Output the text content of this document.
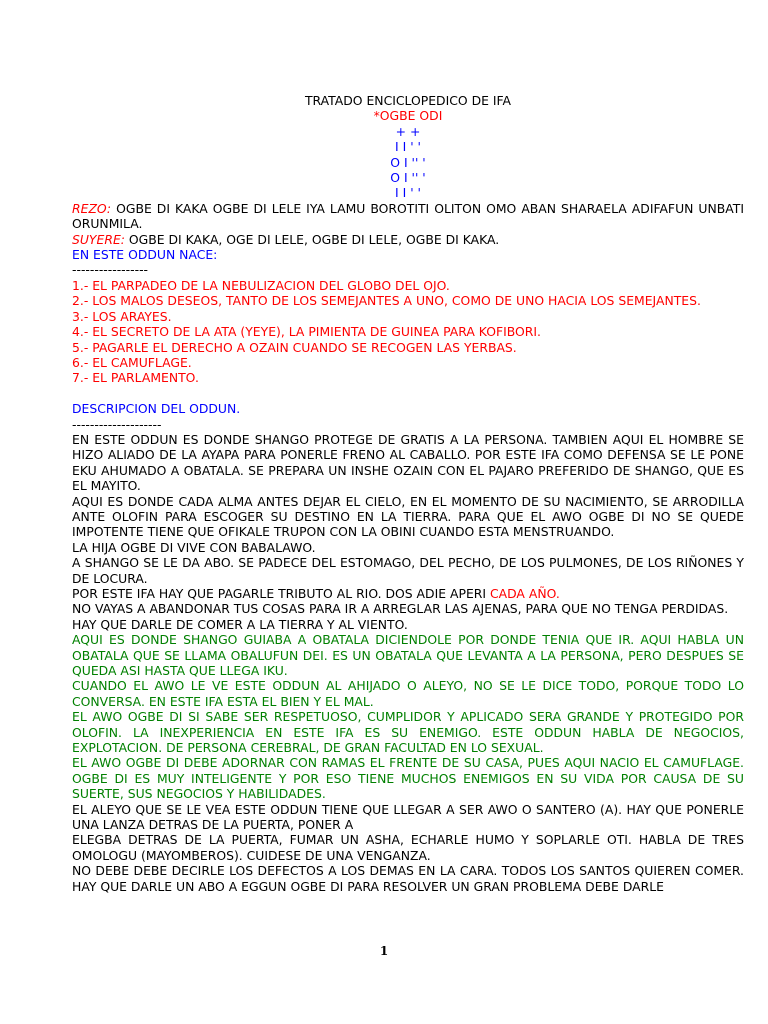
TRATADO ENCICLOPEDICO DE IFA
*OGBE ODI
+ +
I I ' '
O I '' '
O I '' '
I I ' '
REZO: OGBE DI KAKA OGBE DI LELE IYA LAMU BOROTITI OLITON OMO ABAN SHARAELA ADIFAFUN UNBATI ORUNMILA.
SUYERE: OGBE DI KAKA, OGE DI LELE, OGBE DI LELE, OGBE DI KAKA.
EN ESTE ODDUN NACE:
-----------------
1.- EL PARPADEO DE LA NEBULIZACION DEL GLOBO DEL OJO.
2.- LOS MALOS DESEOS, TANTO DE LOS SEMEJANTES A UNO, COMO DE UNO HACIA LOS SEMEJANTES.
3.- LOS ARAYES.
4.- EL SECRETO DE LA ATA (YEYE), LA PIMIENTA DE GUINEA PARA KOFIBORI.
5.- PAGARLE EL DERECHO A OZAIN CUANDO SE RECOGEN LAS YERBAS.
6.- EL CAMUFLAGE.
7.- EL PARLAMENTO.
DESCRIPCION DEL ODDUN.
--------------------
EN ESTE ODDUN ES DONDE SHANGO PROTEGE DE GRATIS A LA PERSONA. TAMBIEN AQUI EL HOMBRE SE HIZO ALIADO DE LA AYAPA PARA PONERLE FRENO AL CABALLO. POR ESTE IFA COMO DEFENSA SE LE PONE EKU AHUMADO A OBATALA. SE PREPARA UN INSHE OZAIN CON EL PAJARO PREFERIDO DE SHANGO, QUE ES EL MAYITO.
AQUI ES DONDE CADA ALMA ANTES DEJAR EL CIELO, EN EL MOMENTO DE SU NACIMIENTO, SE ARRODILLA ANTE OLOFIN PARA ESCOGER SU DESTINO EN LA TIERRA. PARA QUE EL AWO OGBE DI NO SE QUEDE IMPOTENTE TIENE QUE OFIKALE TRUPON CON LA OBINI CUANDO ESTA MENSTRUANDO.
LA HIJA OGBE DI VIVE CON BABALAWO.
A SHANGO SE LE DA ABO. SE PADECE DEL ESTOMAGO, DEL PECHO, DE LOS PULMONES, DE LOS RIÑONES Y DE LOCURA.
POR ESTE IFA HAY QUE PAGARLE TRIBUTO AL RIO. DOS ADIE APERI CADA AÑO.
NO VAYAS A ABANDONAR TUS COSAS PARA IR A ARREGLAR LAS AJENAS, PARA QUE NO TENGA PERDIDAS.
HAY QUE DARLE DE COMER A LA TIERRA Y AL VIENTO.
AQUI ES DONDE SHANGO GUIABA A OBATALA DICIENDOLE POR DONDE TENIA QUE IR. AQUI HABLA UN OBATALA QUE SE LLAMA OBALUFUN DEI. ES UN OBATALA QUE LEVANTA A LA PERSONA, PERO DESPUES SE QUEDA ASI HASTA QUE LLEGA IKU.
CUANDO EL AWO LE VE ESTE ODDUN AL AHIJADO O ALEYO, NO SE LE DICE TODO, PORQUE TODO LO CONVERSA. EN ESTE IFA ESTA EL BIEN Y EL MAL.
EL AWO OGBE DI SI SABE SER RESPETUOSO, CUMPLIDOR Y APLICADO SERA GRANDE Y PROTEGIDO POR OLOFIN. LA INEXPERIENCIA EN ESTE IFA ES SU ENEMIGO. ESTE ODDUN HABLA DE NEGOCIOS, EXPLOTACION. DE PERSONA CEREBRAL, DE GRAN FACULTAD EN LO SEXUAL.
EL AWO OGBE DI DEBE ADORNAR CON RAMAS EL FRENTE DE SU CASA, PUES AQUI NACIO EL CAMUFLAGE. OGBE DI ES MUY INTELIGENTE Y POR ESO TIENE MUCHOS ENEMIGOS EN SU VIDA POR CAUSA DE SU SUERTE, SUS NEGOCIOS Y HABILIDADES.
EL ALEYO QUE SE LE VEA ESTE ODDUN TIENE QUE LLEGAR A SER AWO O SANTERO (A). HAY QUE PONERLE UNA LANZA DETRAS DE LA PUERTA, PONER A
ELEGBA DETRAS DE LA PUERTA, FUMAR UN ASHA, ECHARLE HUMO Y SOPLARLE OTI. HABLA DE TRES OMOLOGU (MAYOMBEROS). CUIDESE DE UNA VENGANZA.
NO DEBE DEBE DECIRLE LOS DEFECTOS A LOS DEMAS EN LA CARA. TODOS LOS SANTOS QUIEREN COMER. HAY QUE DARLE UN ABO A EGGUN OGBE DI PARA RESOLVER UN GRAN PROBLEMA DEBE DARLE
1
